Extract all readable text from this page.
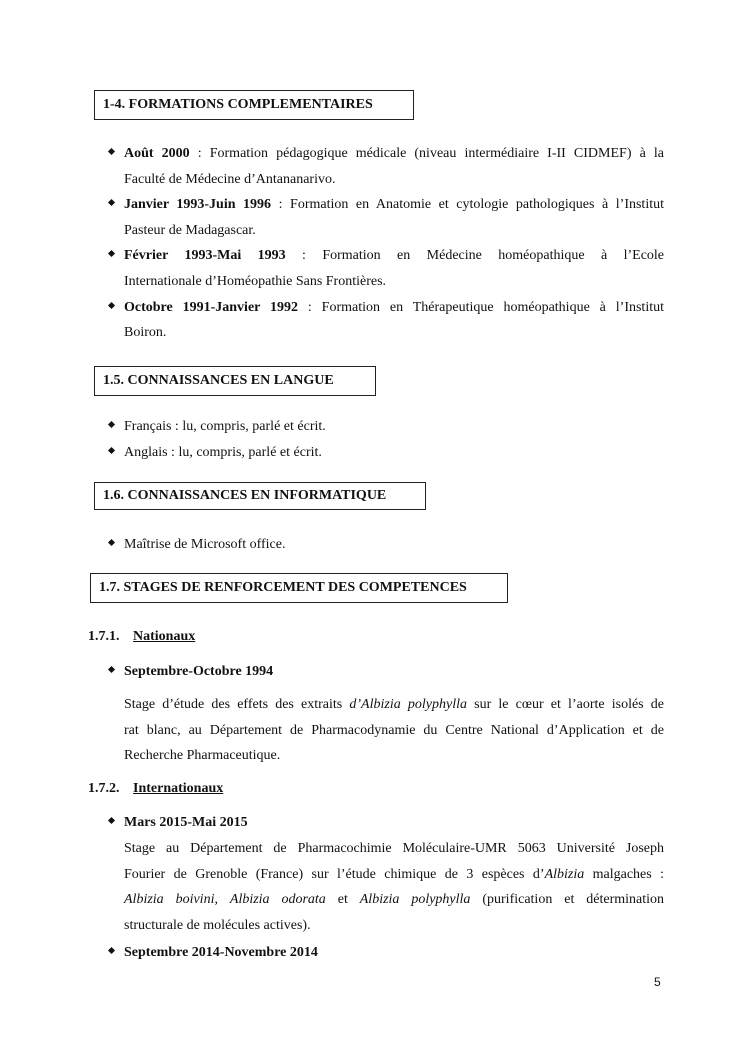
1-4. FORMATIONS COMPLEMENTAIRES
Août 2000 : Formation pédagogique médicale (niveau intermédiaire I-II CIDMEF) à la
Faculté de Médecine d’Antananarivo.
Janvier 1993-Juin 1996 : Formation en Anatomie et cytologie pathologiques à l’Institut
Pasteur de Madagascar.
Février 1993-Mai 1993 : Formation en Médecine homéopathique à l’Ecole
Internationale d’Homéopathie Sans Frontières.
Octobre 1991-Janvier 1992 : Formation en Thérapeutique homéopathique à l’Institut
Boiron.
1.5. CONNAISSANCES EN LANGUE
Français : lu, compris, parlé et écrit.
Anglais : lu, compris, parlé et écrit.
1.6. CONNAISSANCES EN INFORMATIQUE
Maîtrise de Microsoft office.
1.7. STAGES DE RENFORCEMENT DES COMPETENCES
1.7.1. Nationaux
Septembre-Octobre 1994
Stage d’étude des effets des extraits d’Albizia polyphylla sur le cœur et l’aorte isolés de
rat blanc, au Département de Pharmacodynamie du Centre National d’Application et de
Recherche Pharmaceutique.
1.7.2. Internationaux
Mars 2015-Mai 2015
Stage au Département de Pharmacochimie Moléculaire-UMR 5063 Université Joseph
Fourier de Grenoble (France) sur l’étude chimique de 3 espèces d’Albizia malgaches :
Albizia boivini, Albizia odorata et Albizia polyphylla (purification et détermination
structurale de molécules actives).
Septembre 2014-Novembre 2014
5
